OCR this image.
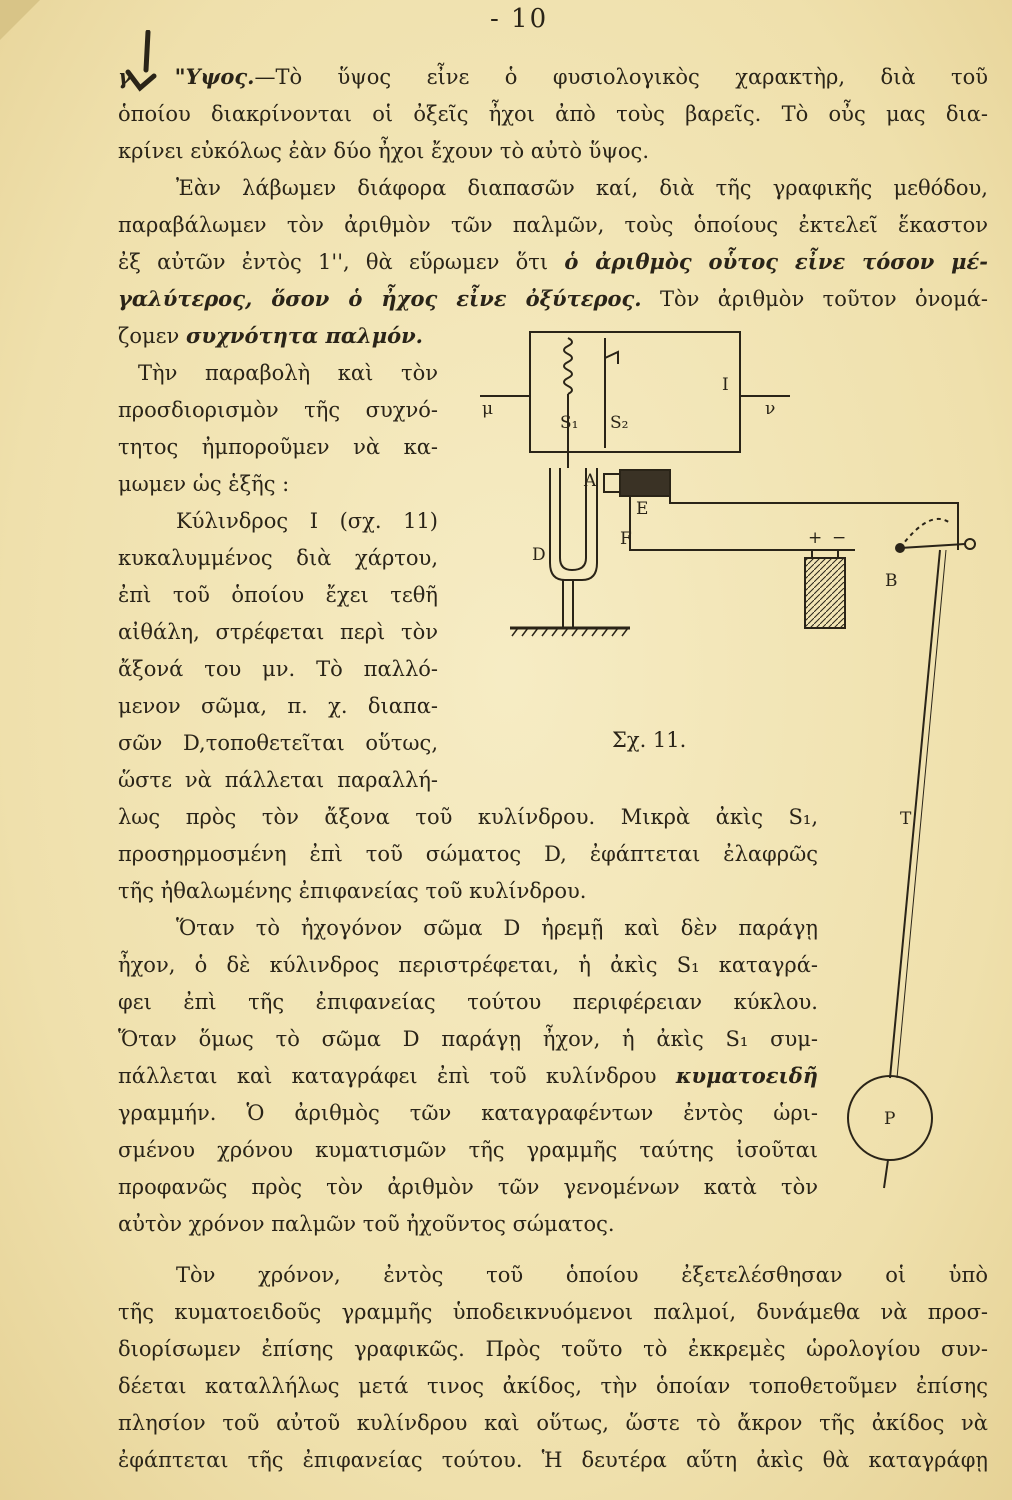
- 10
γ. "Υψος.—Τὸ ὕψος εἶνε ὁ φυσιολογικὸς χαρακτὴρ, διὰ τοῦ
ὁποίου διακρίνονται οἱ ὀξεῖς ἦχοι ἀπὸ τοὺς βαρεῖς. Τὸ οὖς μας δια-
κρίνει εὐκόλως ἐὰν δύο ἦχοι ἔχουν τὸ αὐτὸ ὕψος.
Ἐὰν λάβωμεν διάφορα διαπασῶν καί, διὰ τῆς γραφικῆς μεθόδου,
παραβάλωμεν τὸν ἀριθμὸν τῶν παλμῶν, τοὺς ὁποίους ἐκτελεῖ ἕκαστον
ἐξ αὐτῶν ἐντὸς 1'', θὰ εὕρωμεν ὅτι ὁ ἀριθμὸς οὗτος εἶνε τόσον μέ-
γαλύτερος, ὅσον ὁ ἦχος εἶνε ὀξύτερος. Τὸν ἀριθμὸν τοῦτον ὀνομά-
ζομεν συχνότητα παλμόν.
Τὴν παραβολὴ καὶ τὸν
προσδιορισμὸν τῆς συχνό-
τητος ἠμποροῦμεν νὰ κα-
μωμεν ὡς ἑξῆς :
Κύλινδρος Ι (σχ. 11)
κυκαλυμμένος διὰ χάρτου,
ἐπὶ τοῦ ὁποίου ἔχει τεθῆ
αἰθάλη, στρέφεται περὶ τὸν
ἄξονά του μν. Τὸ παλλό-
μενον σῶμα, π. χ. διαπα-
σῶν D,τοποθετεῖται οὕτως,
ὥστε νὰ πάλλεται παραλλή-
λως πρὸς τὸν ἄξονα τοῦ κυλίνδρου. Μικρὰ ἀκὶς S₁,
προσηρμοσμένη ἐπὶ τοῦ σώματος D, ἐφάπτεται ἐλαφρῶς
τῆς ἠθαλωμένης ἐπιφανείας τοῦ κυλίνδρου.
Ὅταν τὸ ἠχογόνον σῶμα D ἠρεμῇ καὶ δὲν παράγῃ
ἦχον, ὁ δὲ κύλινδρος περιστρέφεται, ἡ ἀκὶς S₁ καταγρά-
φει ἐπὶ τῆς ἐπιφανείας τούτου περιφέρειαν κύκλου.
Ὅταν ὅμως τὸ σῶμα D παράγῃ ἦχον, ἡ ἀκὶς S₁ συμ-
πάλλεται καὶ καταγράφει ἐπὶ τοῦ κυλίνδρου κυματοειδῆ
γραμμήν. Ὁ ἀριθμὸς τῶν καταγραφέντων ἐντὸς ὡρι-
σμένου χρόνου κυματισμῶν τῆς γραμμῆς ταύτης ἰσοῦται
προφανῶς πρὸς τὸν ἀριθμὸν τῶν γενομένων κατὰ τὸν
αὐτὸν χρόνον παλμῶν τοῦ ἠχοῦντος σώματος.
Τὸν χρόνον, ἐντὸς τοῦ ὁποίου ἐξετελέσθησαν οἱ ὑπὸ
τῆς κυματοειδοῦς γραμμῆς ὑποδεικνυόμενοι παλμοί, δυνάμεθα νὰ προσ-
διορίσωμεν ἐπίσης γραφικῶς. Πρὸς τοῦτο τὸ ἐκκρεμὲς ὡρολογίου συν-
δέεται καταλλήλως μετά τινος ἀκίδος, τὴν ὁποίαν τοποθετοῦμεν ἐπίσης
πλησίον τοῦ αὐτοῦ κυλίνδρου καὶ οὕτως, ὥστε τὸ ἄκρον τῆς ἀκίδος νὰ
ἐφάπτεται τῆς ἐπιφανείας τούτου. Ἡ δευτέρα αὕτη ἀκὶς θὰ καταγράφῃ
μ	ν
I
S₁ S₂
A
E
F
D
B
T
P
+ −
Σχ. 11.
